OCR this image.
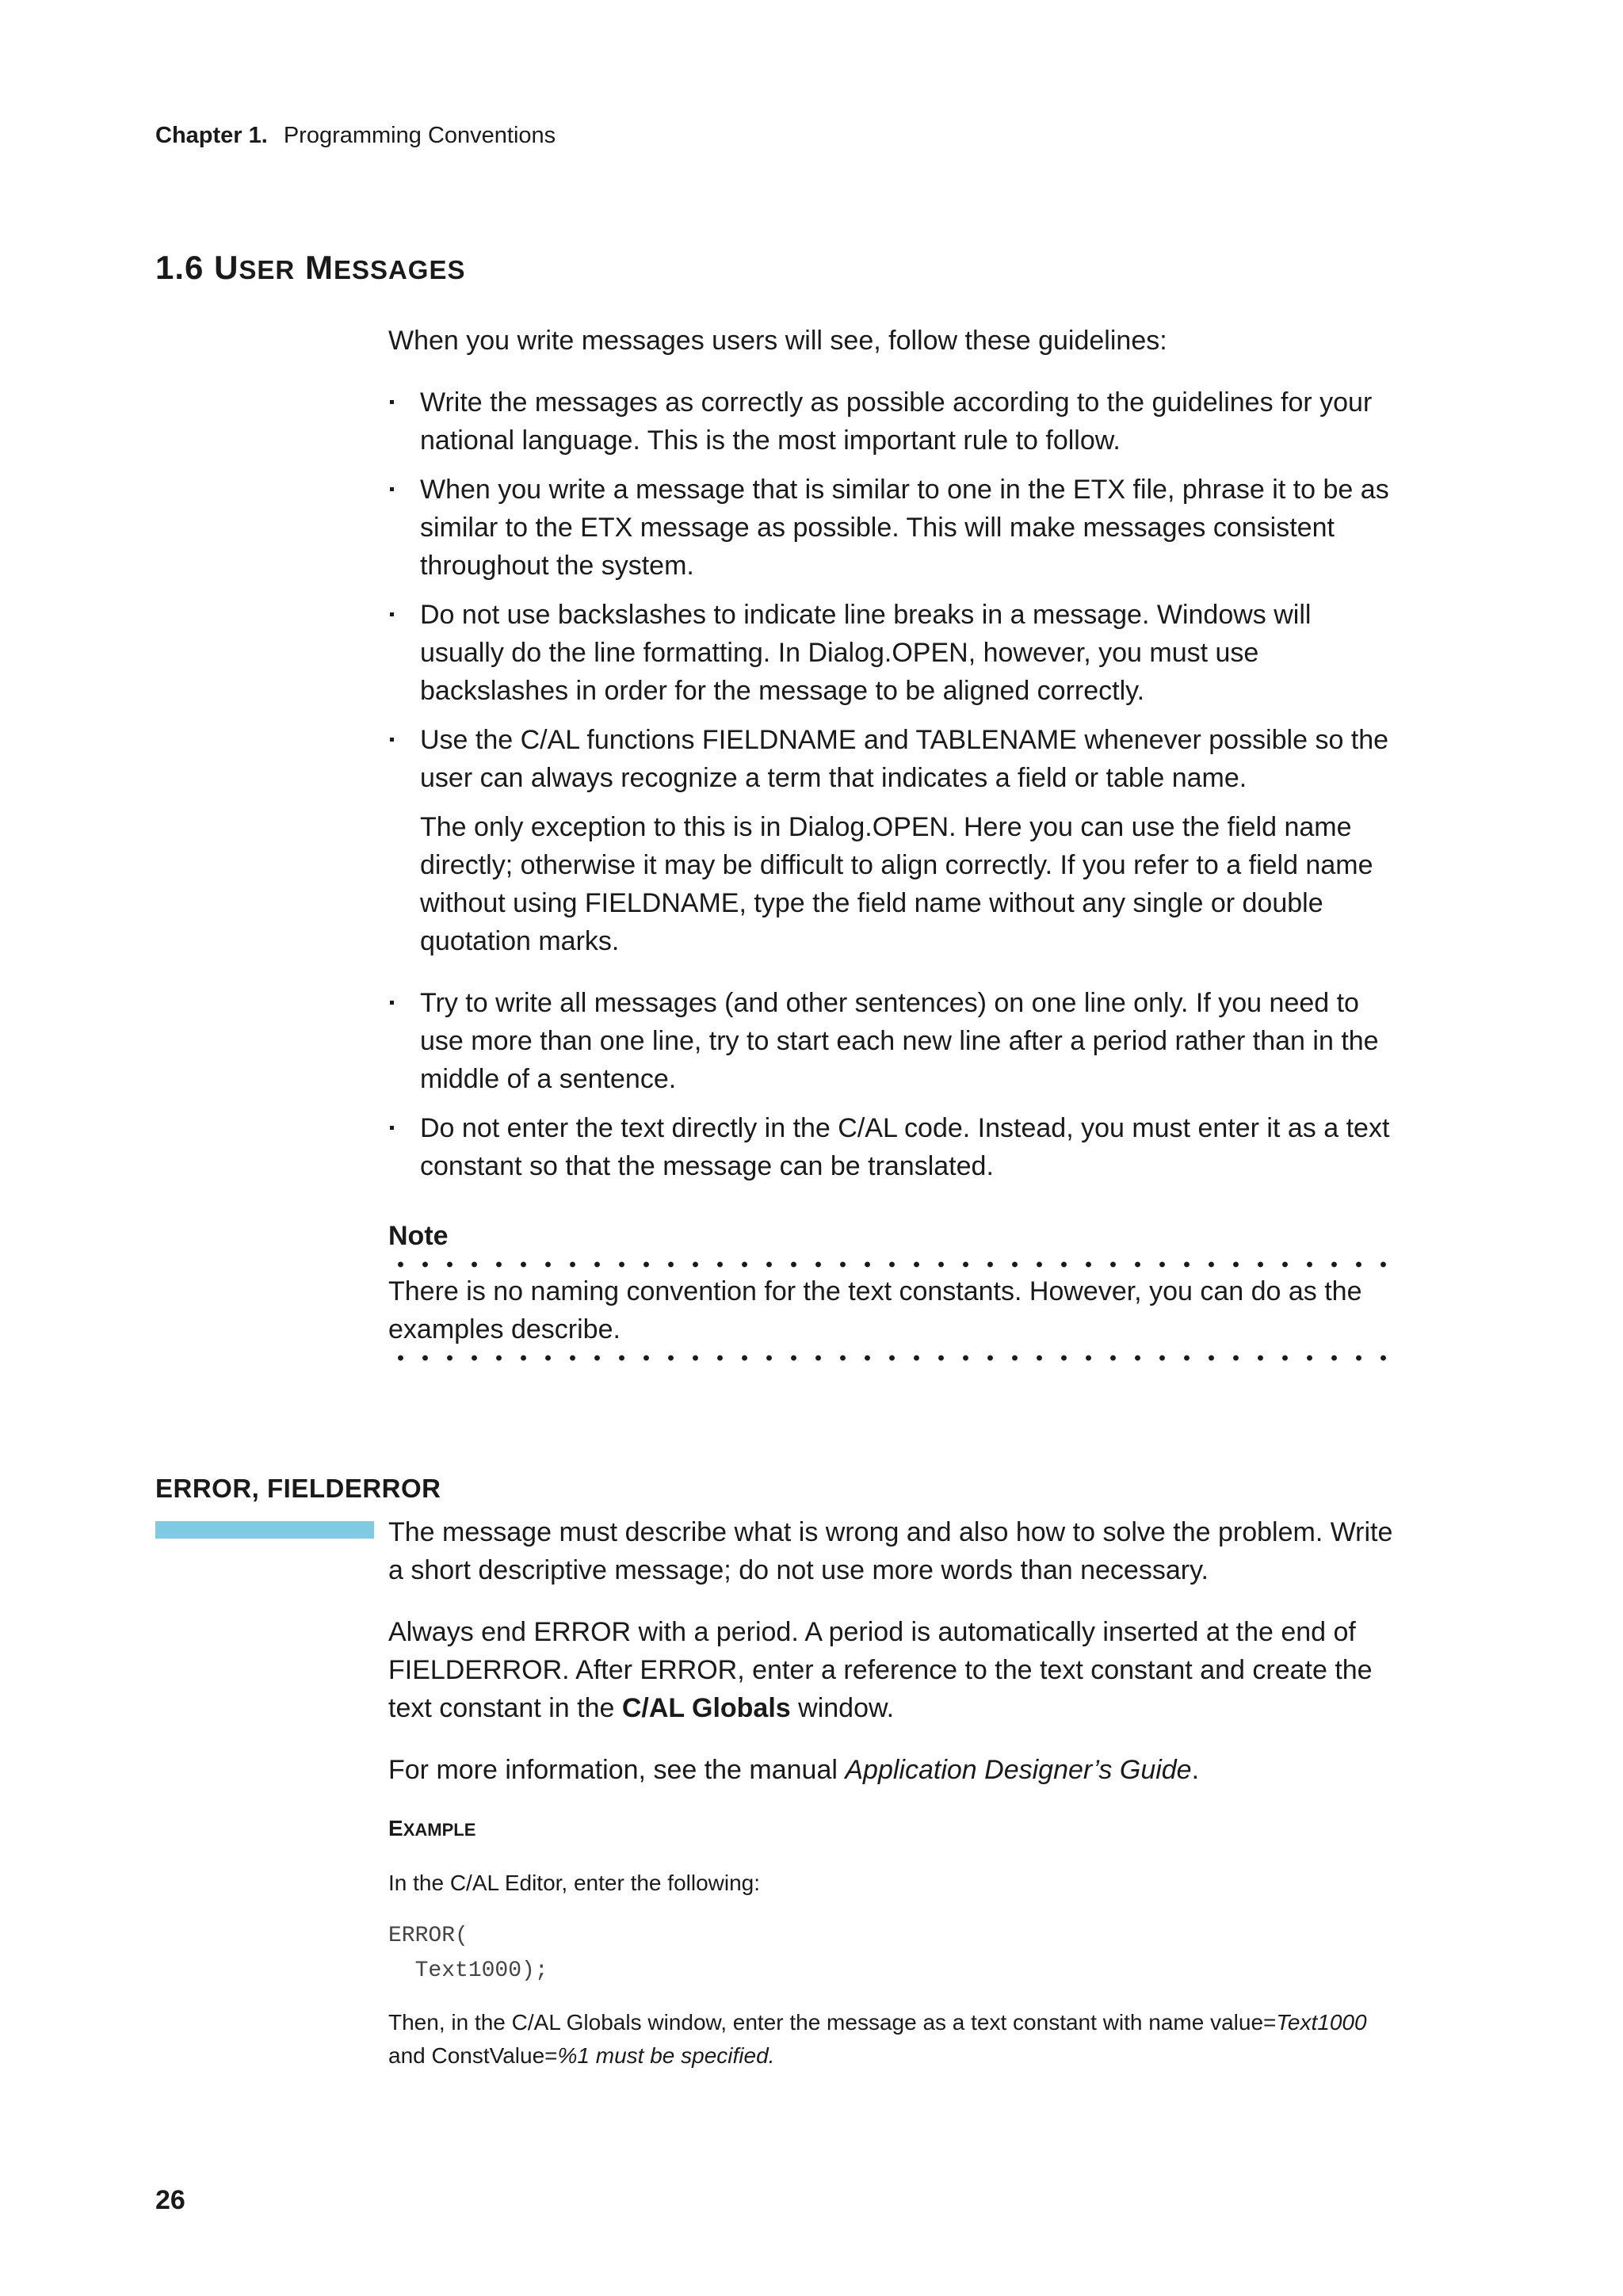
Chapter 1. Programming Conventions
1.6 USER MESSAGES

When you write messages users will see, follow these guidelines:

Write the messages as correctly as possible according to the guidelines for your national language. This is the most important rule to follow.

When you write a message that is similar to one in the ETX file, phrase it to be as similar to the ETX message as possible. This will make messages consistent throughout the system.

Do not use backslashes to indicate line breaks in a message. Windows will usually do the line formatting. In Dialog.OPEN, however, you must use backslashes in order for the message to be aligned correctly.

Use the C/AL functions FIELDNAME and TABLENAME whenever possible so the user can always recognize a term that indicates a field or table name.

The only exception to this is in Dialog.OPEN. Here you can use the field name directly; otherwise it may be difficult to align correctly. If you refer to a field name without using FIELDNAME, type the field name without any single or double quotation marks.

Try to write all messages (and other sentences) on one line only. If you need to use more than one line, try to start each new line after a period rather than in the middle of a sentence.

Do not enter the text directly in the C/AL code. Instead, you must enter it as a text constant so that the message can be translated.

Note

There is no naming convention for the text constants. However, you can do as the examples describe.

ERROR, FIELDERROR

The message must describe what is wrong and also how to solve the problem. Write a short descriptive message; do not use more words than necessary.

Always end ERROR with a period. A period is automatically inserted at the end of FIELDERROR. After ERROR, enter a reference to the text constant and create the text constant in the C/AL Globals window.

For more information, see the manual Application Designer’s Guide.

EXAMPLE
In the C/AL Editor, enter the following:
ERROR(
Text1000);
Then, in the C/AL Globals window, enter the message as a text constant with name value=Text1000 and ConstValue=%1 must be specified.
26
